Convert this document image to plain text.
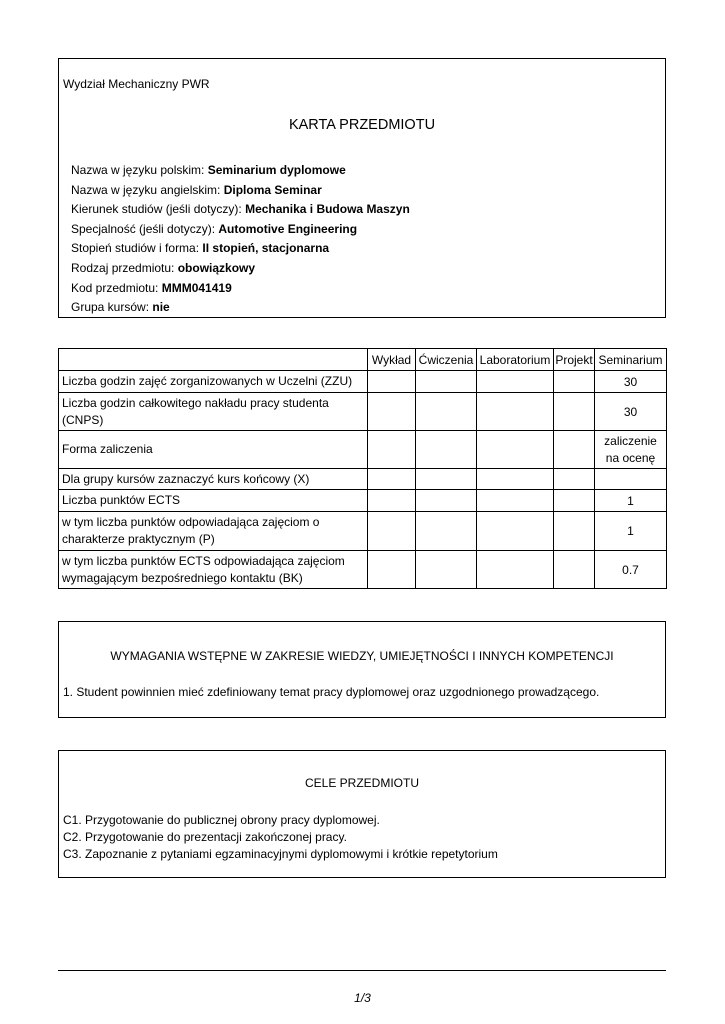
Wydział Mechaniczny PWR
KARTA PRZEDMIOTU
Nazwa w języku polskim: Seminarium dyplomowe
Nazwa w języku angielskim: Diploma Seminar
Kierunek studiów (jeśli dotyczy): Mechanika i Budowa Maszyn
Specjalność (jeśli dotyczy): Automotive Engineering
Stopień studiów i forma: II stopień, stacjonarna
Rodzaj przedmiotu: obowiązkowy
Kod przedmiotu: MMM041419
Grupa kursów: nie
	Wykład	Ćwiczenia	Laboratorium	Projekt	Seminarium
Liczba godzin zajęć zorganizowanych w Uczelni (ZZU)					30
Liczba godzin całkowitego nakładu pracy studenta (CNPS)					30
Forma zaliczenia					zaliczenie na ocenę
Dla grupy kursów zaznaczyć kurs końcowy (X)					
Liczba punktów ECTS					1
w tym liczba punktów odpowiadająca zajęciom o charakterze praktycznym (P)					1
w tym liczba punktów ECTS odpowiadająca zajęciom wymagającym bezpośredniego kontaktu (BK)					0.7
WYMAGANIA WSTĘPNE W ZAKRESIE WIEDZY, UMIEJĘTNOŚCI I INNYCH KOMPETENCJI
1. Student powinnien mieć zdefiniowany temat pracy dyplomowej oraz uzgodnionego prowadzącego.
CELE PRZEDMIOTU
C1. Przygotowanie do publicznej obrony pracy dyplomowej.
C2. Przygotowanie do prezentacji zakończonej pracy.
C3. Zapoznanie z pytaniami egzaminacyjnymi dyplomowymi i krótkie repetytorium
1/3
